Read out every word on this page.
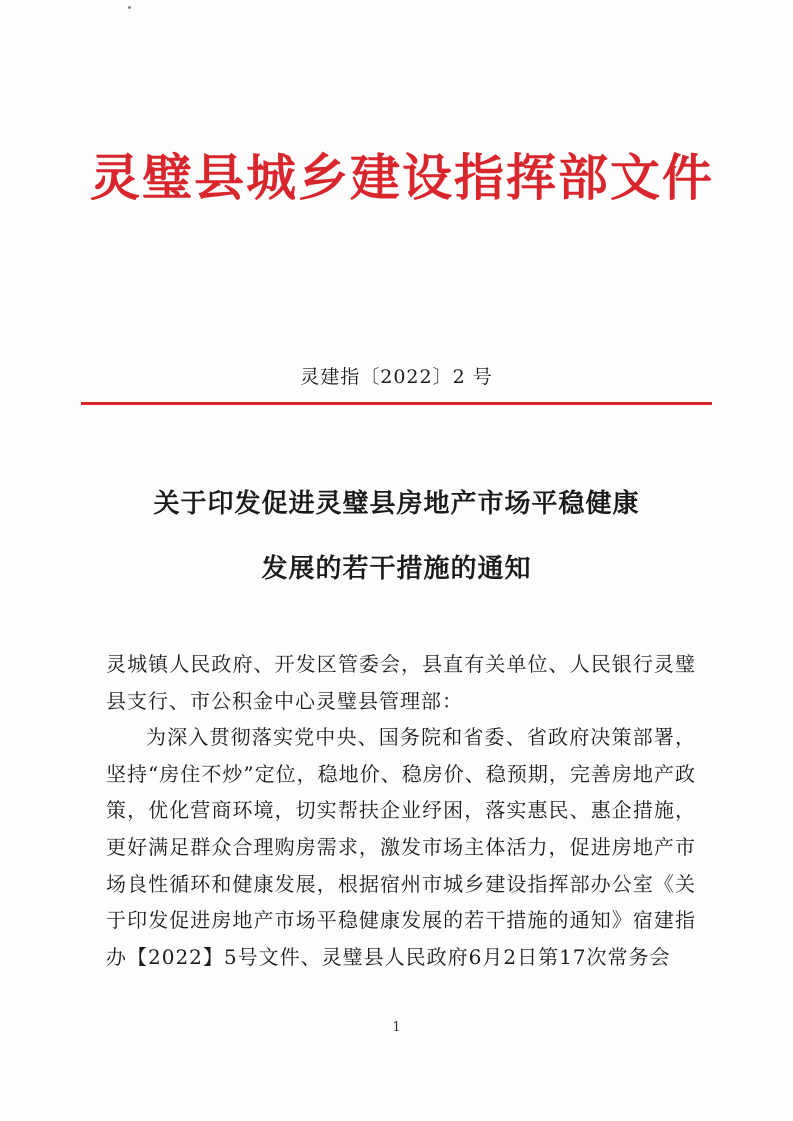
灵璧县城乡建设指挥部文件
灵建指〔2022〕2 号
关于印发促进灵璧县房地产市场平稳健康
发展的若干措施的通知

灵城镇人民政府、开发区管委会，县直有关单位、人民银行灵璧县支行、市公积金中心灵璧县管理部：

为深入贯彻落实党中央、国务院和省委、省政府决策部署，坚持“房住不炒”定位，稳地价、稳房价、稳预期，完善房地产政策，优化营商环境，切实帮扶企业纾困，落实惠民、惠企措施，更好满足群众合理购房需求，激发市场主体活力，促进房地产市场良性循环和健康发展，根据宿州市城乡建设指挥部办公室《关于印发促进房地产市场平稳健康发展的若干措施的通知》宿建指办【2022】5号文件、灵璧县人民政府6月2日第17次常务会

1
